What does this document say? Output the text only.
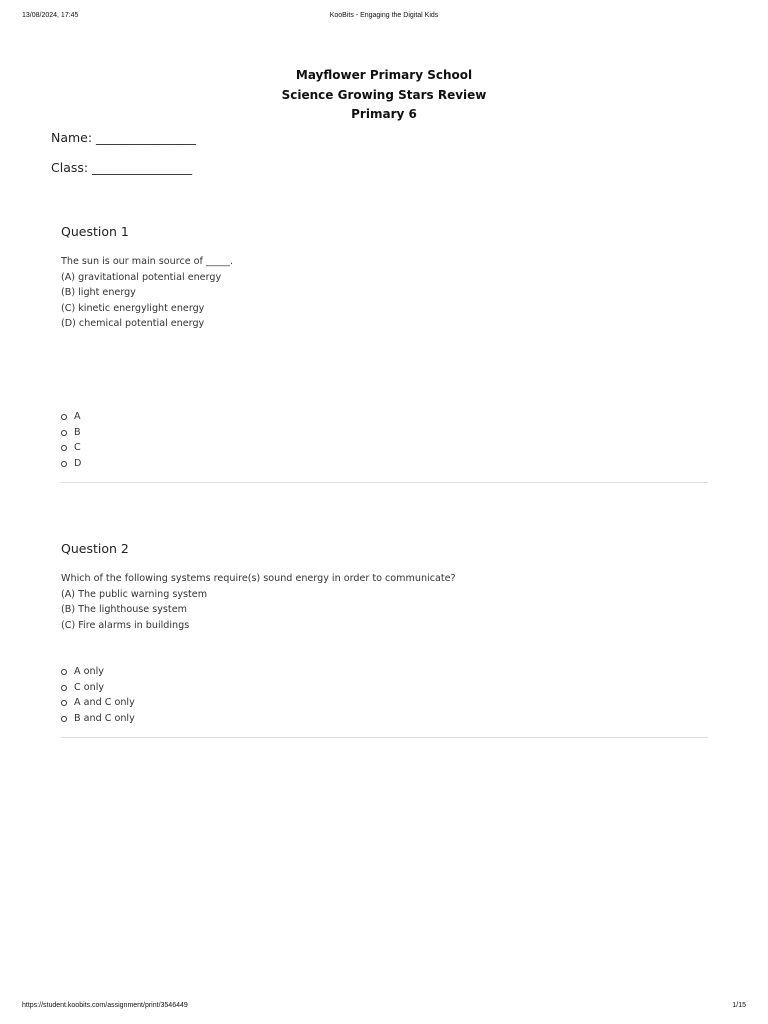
13/08/2024, 17:45	KooBits - Engaging the Digital Kids
Mayflower Primary School
Science Growing Stars Review
Primary 6
Name: ________________
Class: ________________
Question 1
The sun is our main source of _____.
(A) gravitational potential energy
(B) light energy
(C) kinetic energylight energy
(D) chemical potential energy
A
B
C
D
Question 2
Which of the following systems require(s) sound energy in order to communicate?
(A) The public warning system
(B) The lighthouse system
(C) Fire alarms in buildings
A only
C only
A and C only
B and C only
https://student.koobits.com/assignment/print/3546449	1/15
